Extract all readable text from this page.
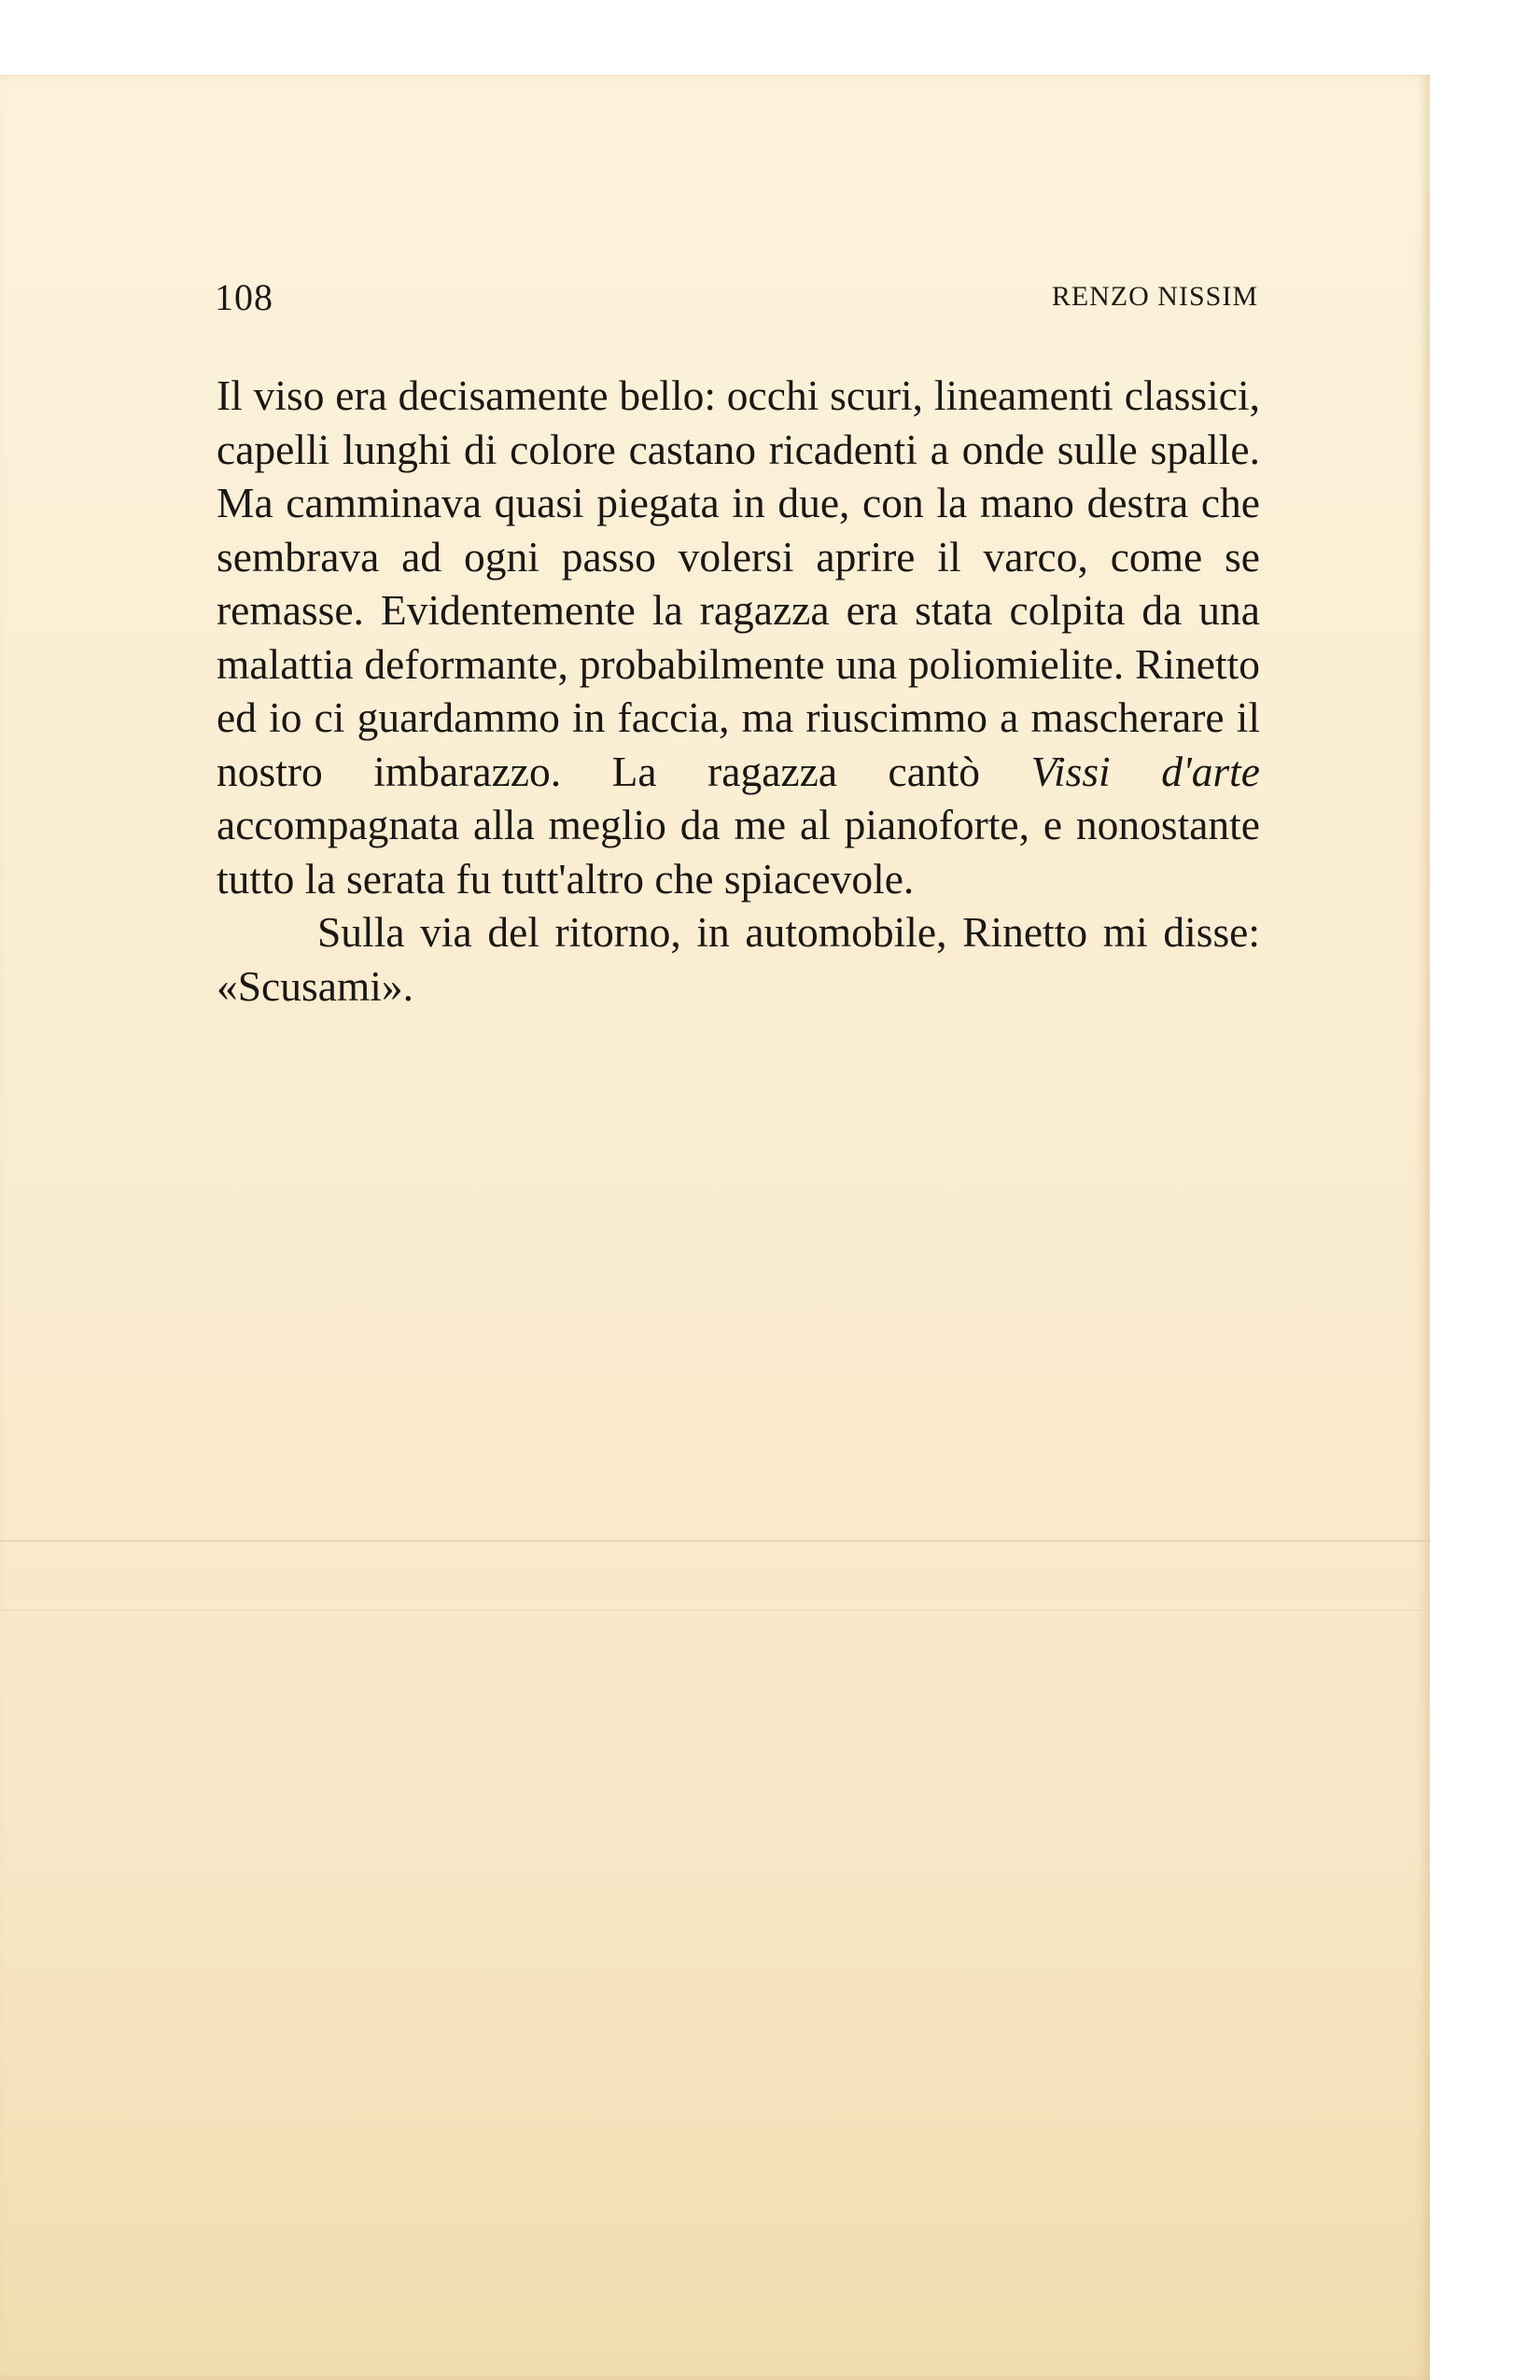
108	RENZO NISSIM

Il viso era decisamente bello: occhi scuri, lineamenti classici, capelli lunghi di colore castano ricadenti a onde sulle spalle. Ma camminava quasi piegata in due, con la mano destra che sembrava ad ogni passo volersi aprire il varco, come se remasse. Evidentemente la ragazza era stata colpita da una malattia deformante, probabilmente una poliomielite. Rinetto ed io ci guardammo in faccia, ma riuscimmo a mascherare il nostro imbarazzo. La ragazza cantò Vissi d'arte accompagnata alla meglio da me al pianoforte, e nonostante tutto la serata fu tutt'altro che spiacevole.

Sulla via del ritorno, in automobile, Rinetto mi disse: «Scusami».
